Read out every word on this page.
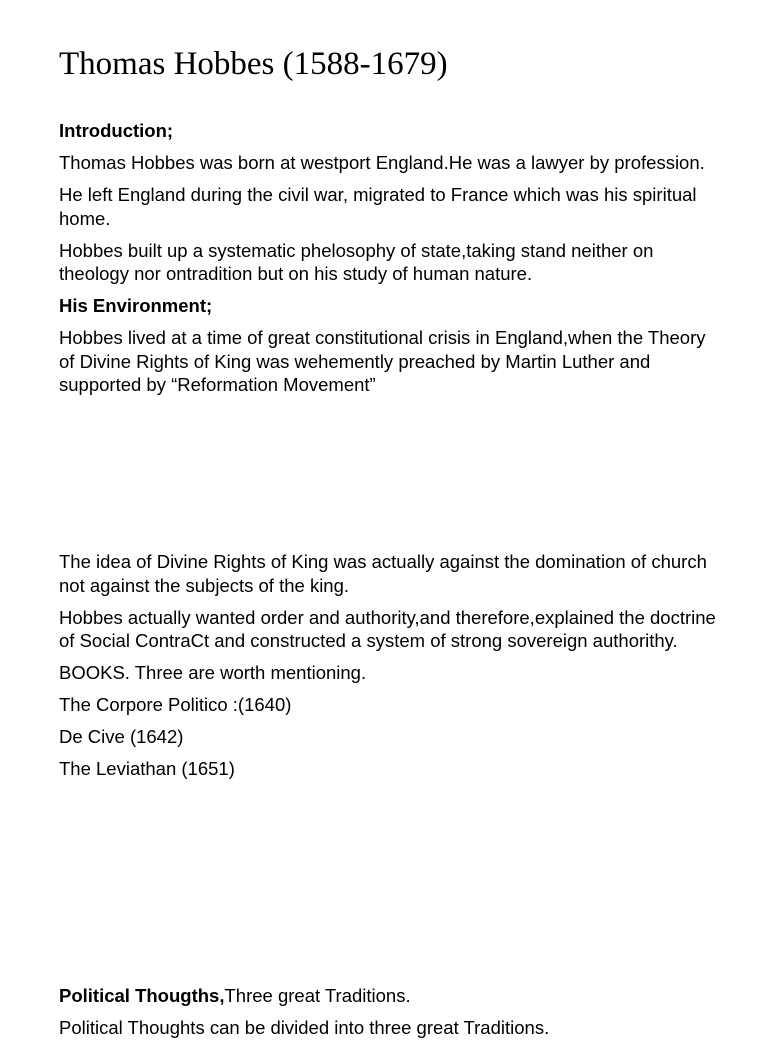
Thomas Hobbes (1588-1679)

Introduction;

Thomas Hobbes was born at westport England.He was a lawyer by profession.

He left England during the civil war, migrated to France which was his spiritual home.

Hobbes built up a systematic phelosophy of state,taking stand neither on theology nor ontradition but on his study of human nature.

His Environment;

Hobbes lived at a time of great constitutional crisis in England,when the Theory of Divine Rights of King was wehemently preached by Martin Luther and supported by “Reformation Movement”

The idea of Divine Rights of King was actually against the domination of church not against the subjects of the king.

Hobbes actually wanted order and authority,and therefore,explained the doctrine of Social ContraCt and constructed a system of strong sovereign authorithy.

BOOKS. Three are worth mentioning.

The Corpore Politico :(1640)

De Cive (1642)

The Leviathan (1651)

Political Thougths,Three great Traditions.

Political Thoughts can be divided into three great Traditions.
